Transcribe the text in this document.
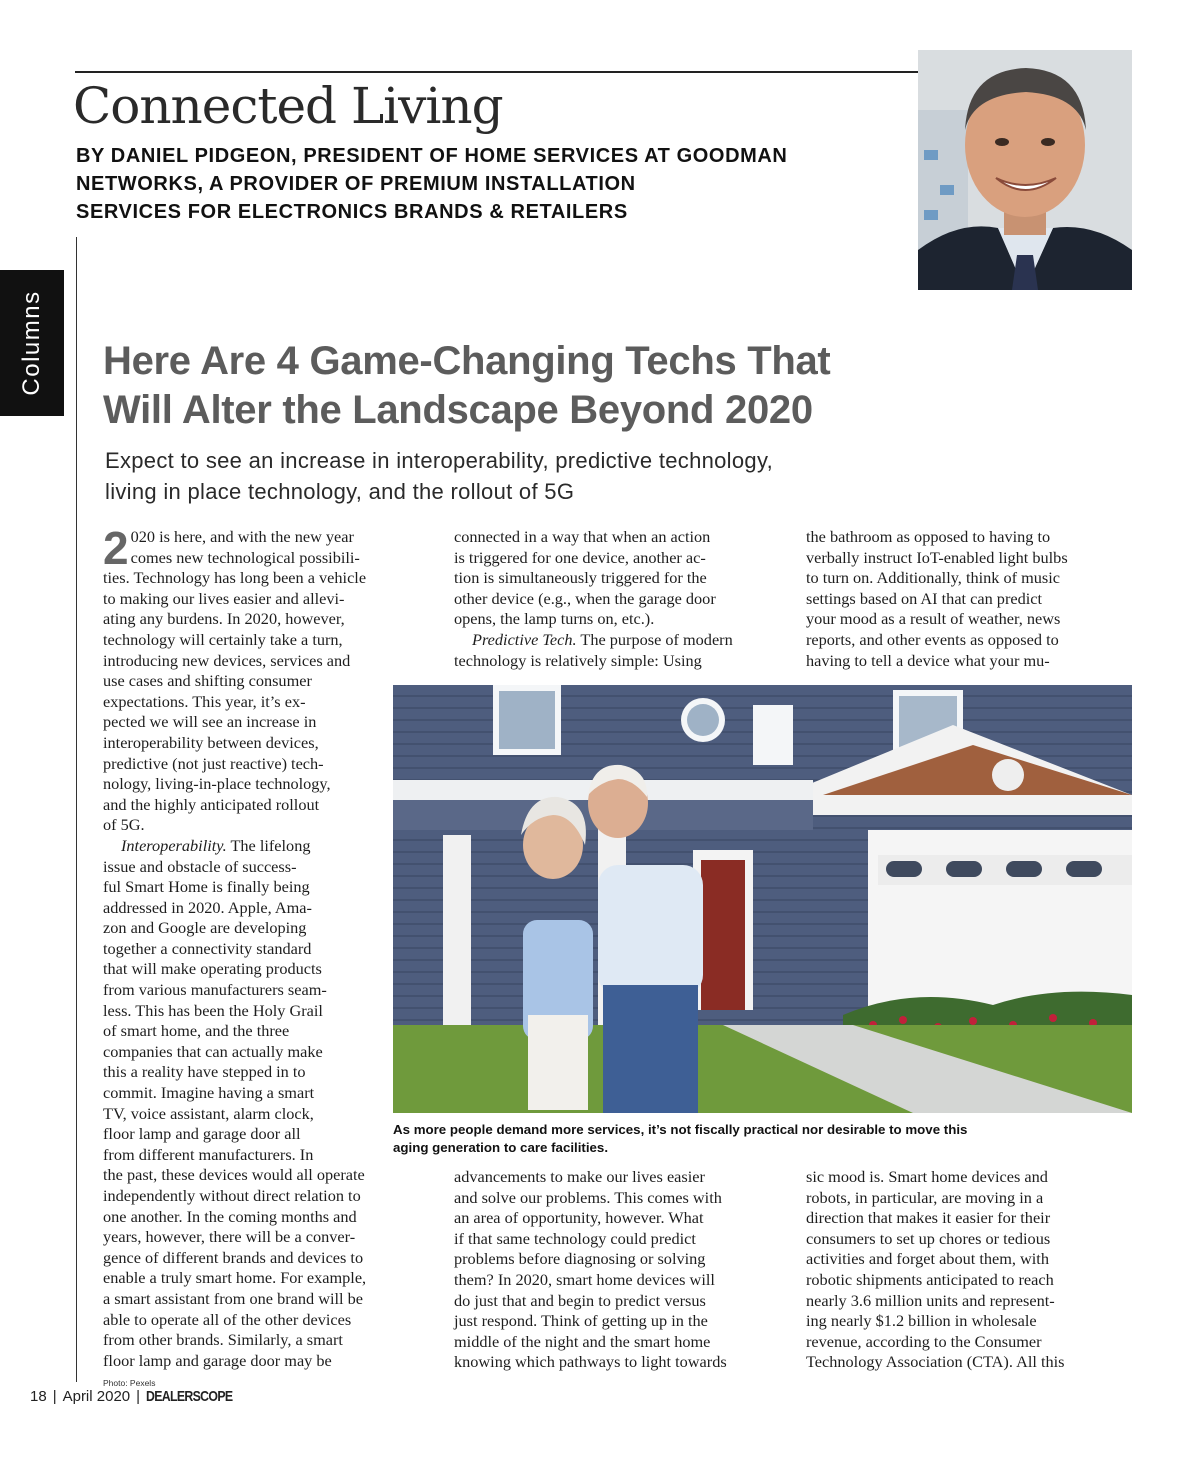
Connected Living
BY DANIEL PIDGEON, PRESIDENT OF HOME SERVICES AT GOODMAN
NETWORKS, A PROVIDER OF PREMIUM INSTALLATION
SERVICES FOR ELECTRONICS BRANDS & RETAILERS
Columns Here Are 4 Game-Changing Techs That
Will Alter the Landscape Beyond 2020
Expect to see an increase in interoperability, predictive technology,
living in place technology, and the rollout of 5G
2 020 is here, and with the new year
comes new technological possibili-
ties. Technology has long been a vehicle
to making our lives easier and allevi-
ating any burdens. In 2020, however,
technology will certainly take a turn,
introducing new devices, services and
use cases and shifting consumer
expectations. This year, it’s ex-
pected we will see an increase in
interoperability between devices,
predictive (not just reactive) tech-
nology, living-in-place technology,
and the highly anticipated rollout
of 5G.
Interoperability. The lifelong
issue and obstacle of success-
ful Smart Home is finally being
addressed in 2020. Apple, Ama-
zon and Google are developing
together a connectivity standard
that will make operating products
from various manufacturers seam-
less. This has been the Holy Grail
of smart home, and the three
companies that can actually make
this a reality have stepped in to
commit. Imagine having a smart
TV, voice assistant, alarm clock,
floor lamp and garage door all
from different manufacturers. In
the past, these devices would all operate
independently without direct relation to
one another. In the coming months and
years, however, there will be a conver-
gence of different brands and devices to
enable a truly smart home. For example,
a smart assistant from one brand will be
able to operate all of the other devices
from other brands. Similarly, a smart
floor lamp and garage door may be
connected in a way that when an action
is triggered for one device, another ac-
tion is simultaneously triggered for the
other device (e.g., when the garage door
opens, the lamp turns on, etc.).
Predictive Tech. The purpose of modern
technology is relatively simple: Using
the bathroom as opposed to having to
verbally instruct IoT-enabled light bulbs
to turn on. Additionally, think of music
settings based on AI that can predict
your mood as a result of weather, news
reports, and other events as opposed to
having to tell a device what your mu-
As more people demand more services, it’s not fiscally practical nor desirable to move this
aging generation to care facilities.
advancements to make our lives easier
and solve our problems. This comes with
an area of opportunity, however. What
if that same technology could predict
problems before diagnosing or solving
them? In 2020, smart home devices will
do just that and begin to predict versus
just respond. Think of getting up in the
middle of the night and the smart home
knowing which pathways to light towards
sic mood is. Smart home devices and
robots, in particular, are moving in a
direction that makes it easier for their
consumers to set up chores or tedious
activities and forget about them, with
robotic shipments anticipated to reach
nearly 3.6 million units and represent-
ing nearly $1.2 billion in wholesale
revenue, according to the Consumer
Technology Association (CTA). All this
Photo: Pexels
18 | April 2020 | DEALERSCOPE
